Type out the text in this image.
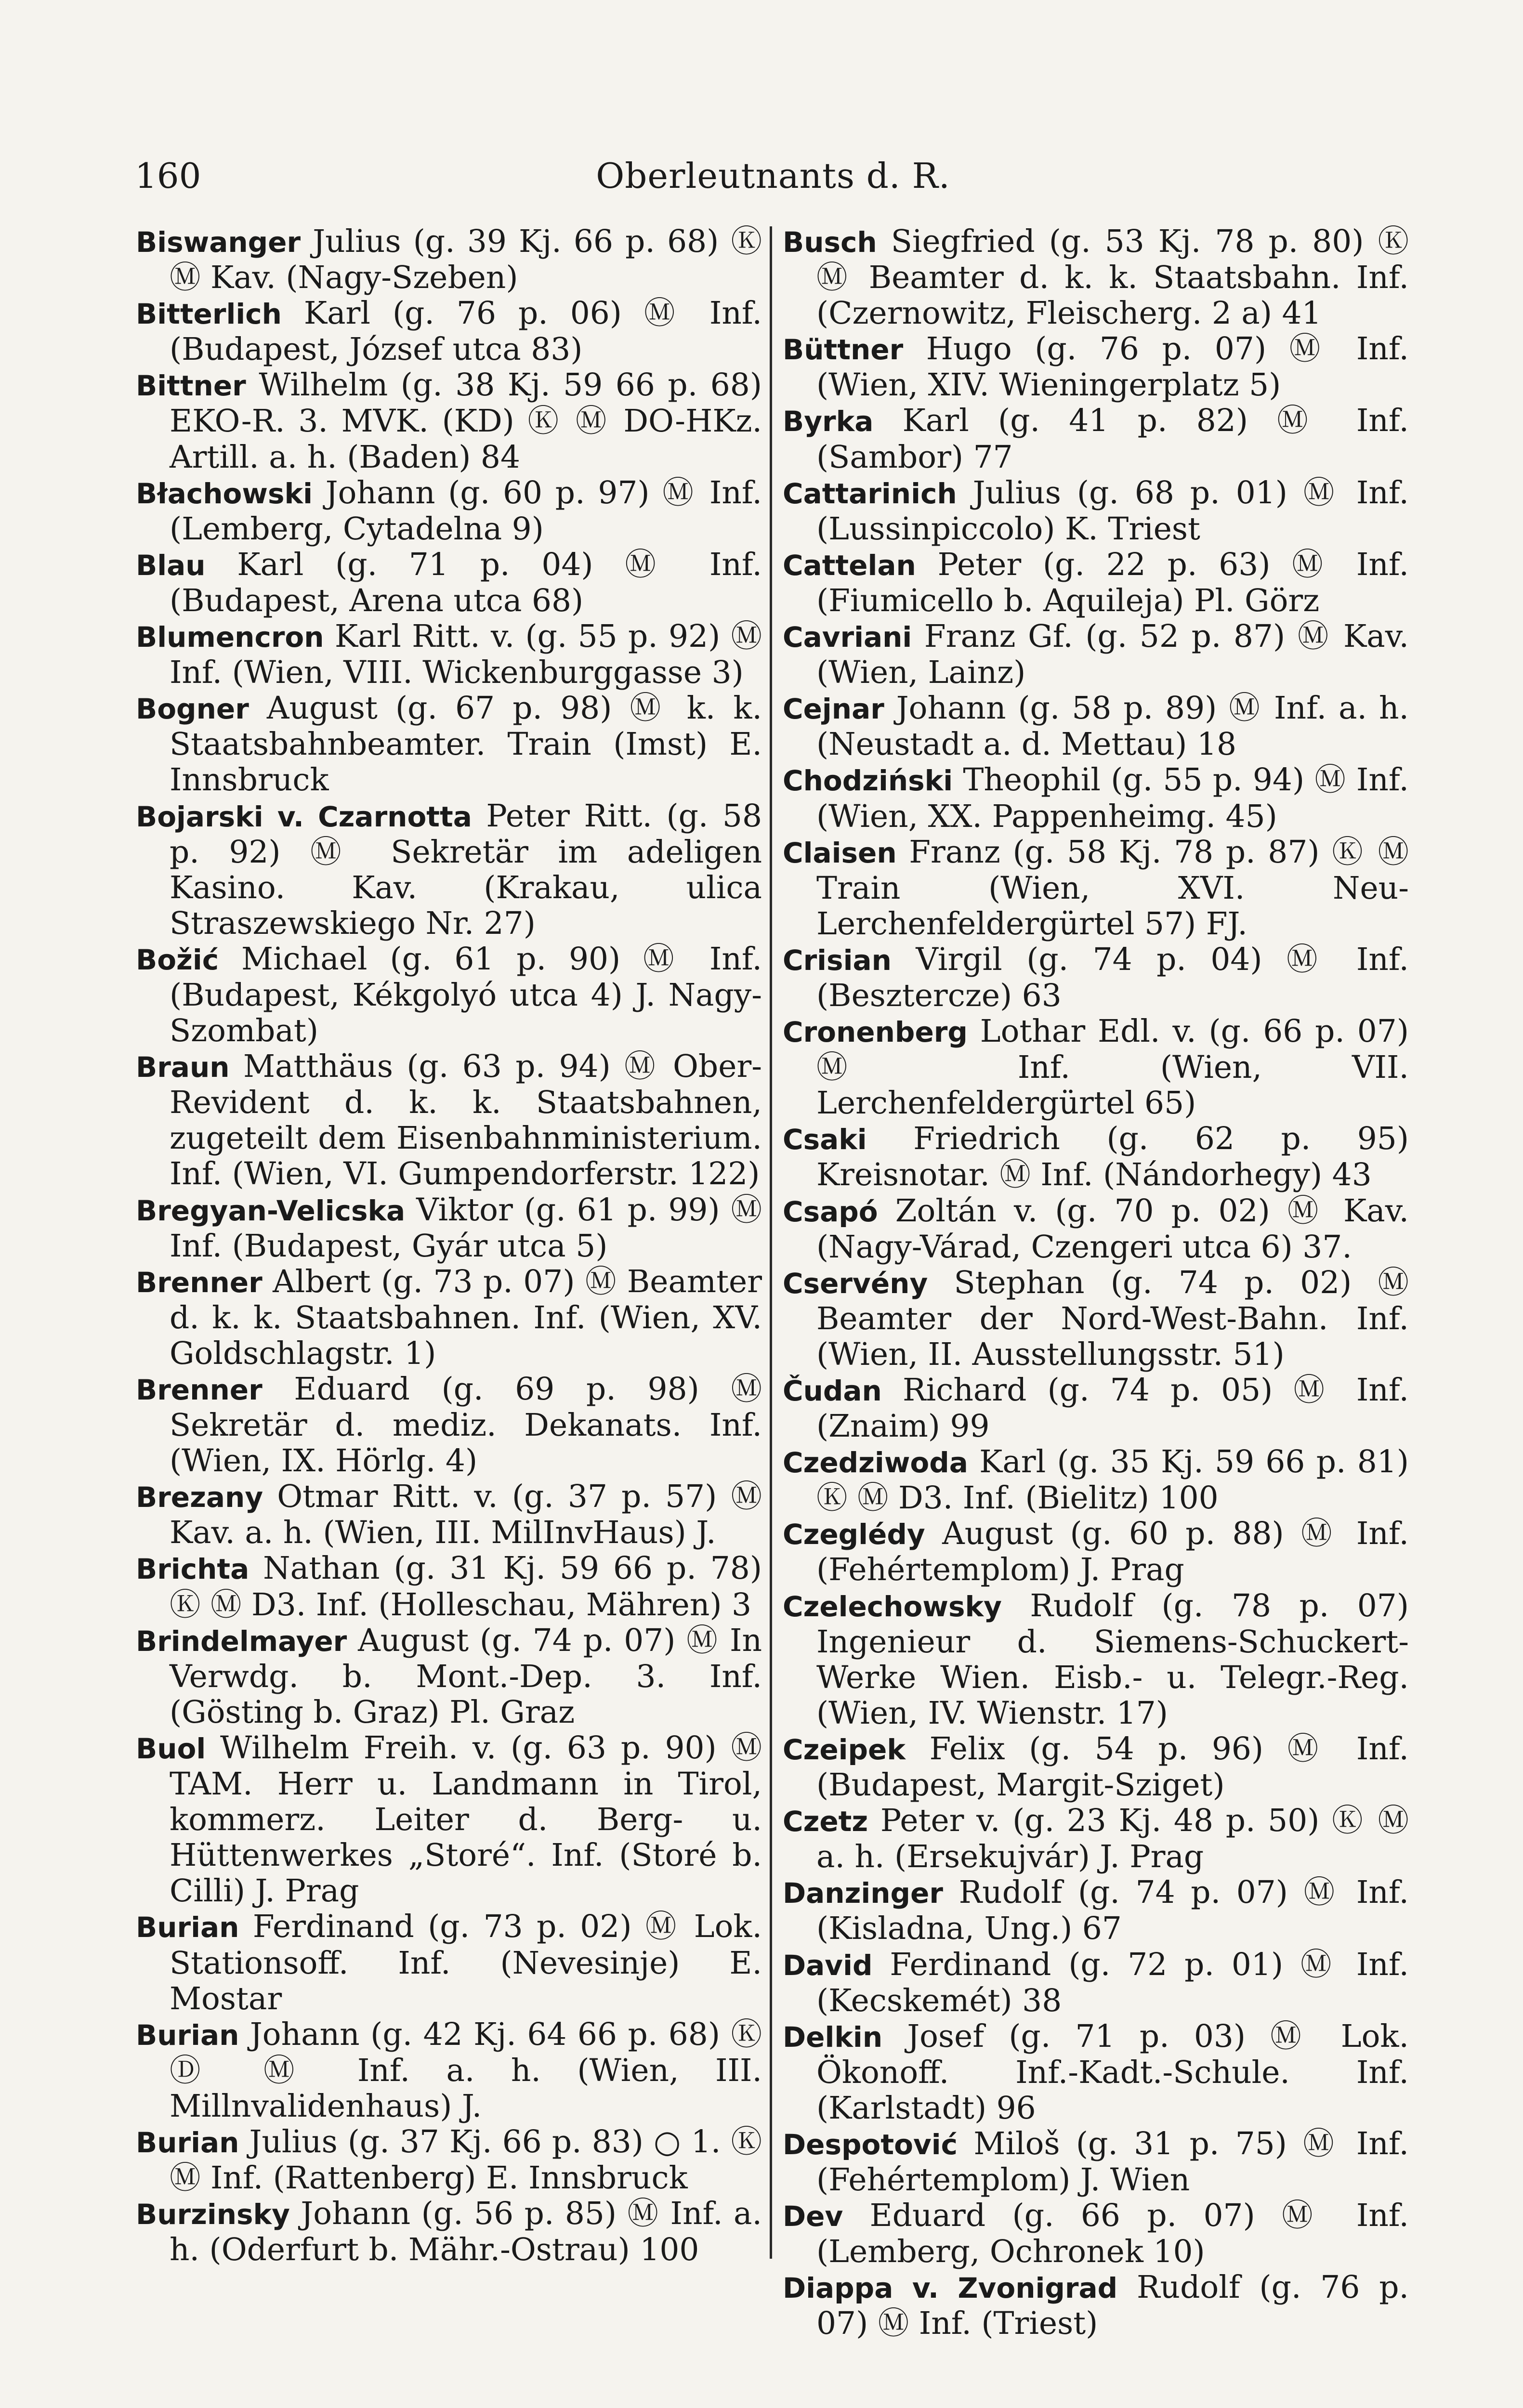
160	Oberleutnants d. R.

Biswanger Julius (g. 39 Kj. 66 p. 68) Ⓚ Ⓜ Kav. (Nagy-Szeben)

Bitterlich Karl (g. 76 p. 06) Ⓜ Inf. (Budapest, József utca 83)

Bittner Wilhelm (g. 38 Kj. 59 66 p. 68) EKO-R. 3. MVK. (KD) Ⓚ Ⓜ DO-HKz. Artill. a. h. (Baden) 84

Błachowski Johann (g. 60 p. 97) Ⓜ Inf. (Lemberg, Cytadelna 9)

Blau Karl (g. 71 p. 04) Ⓜ Inf. (Budapest, Arena utca 68)

Blumencron Karl Ritt. v. (g. 55 p. 92) Ⓜ Inf. (Wien, VIII. Wickenburggasse 3)

Bogner August (g. 67 p. 98) Ⓜ k. k. Staatsbahnbeamter. Train (Imst) E. Innsbruck

Bojarski v. Czarnotta Peter Ritt. (g. 58 p. 92) Ⓜ Sekretär im adeligen Kasino. Kav. (Krakau, ulica Straszewskiego Nr. 27)

Božić Michael (g. 61 p. 90) Ⓜ Inf. (Budapest, Kékgolyó utca 4) J. Nagy-Szombat)

Braun Matthäus (g. 63 p. 94) Ⓜ Ober-Revident d. k. k. Staatsbahnen, zugeteilt dem Eisenbahnministerium. Inf. (Wien, VI. Gumpendorferstr. 122)

Bregyan-Velicska Viktor (g. 61 p. 99) Ⓜ Inf. (Budapest, Gyár utca 5)

Brenner Albert (g. 73 p. 07) Ⓜ Beamter d. k. k. Staatsbahnen. Inf. (Wien, XV. Goldschlagstr. 1)

Brenner Eduard (g. 69 p. 98) Ⓜ Sekretär d. mediz. Dekanats. Inf. (Wien, IX. Hörlg. 4)

Brezany Otmar Ritt. v. (g. 37 p. 57) Ⓜ Kav. a. h. (Wien, III. MilInvHaus) J.

Brichta Nathan (g. 31 Kj. 59 66 p. 78) Ⓚ Ⓜ D3. Inf. (Holleschau, Mähren) 3

Brindelmayer August (g. 74 p. 07) Ⓜ In Verwdg. b. Mont.-Dep. 3. Inf. (Gösting b. Graz) Pl. Graz

Buol Wilhelm Freih. v. (g. 63 p. 90) Ⓜ TAM. Herr u. Landmann in Tirol, kommerz. Leiter d. Berg- u. Hüttenwerkes „Storé“. Inf. (Storé b. Cilli) J. Prag

Burian Ferdinand (g. 73 p. 02) Ⓜ Lok. Stationsoff. Inf. (Nevesinje) E. Mostar

Burian Johann (g. 42 Kj. 64 66 p. 68) Ⓚ Ⓓ Ⓜ Inf. a. h. (Wien, III. Millnvalidenhaus) J.

Burian Julius (g. 37 Kj. 66 p. 83) ○ 1. Ⓚ Ⓜ Inf. (Rattenberg) E. Innsbruck

Burzinsky Johann (g. 56 p. 85) Ⓜ Inf. a. h. (Oderfurt b. Mähr.-Ostrau) 100

Busch Siegfried (g. 53 Kj. 78 p. 80) Ⓚ Ⓜ Beamter d. k. k. Staatsbahn. Inf. (Czernowitz, Fleischerg. 2 a) 41

Büttner Hugo (g. 76 p. 07) Ⓜ Inf. (Wien, XIV. Wieningerplatz 5)

Byrka Karl (g. 41 p. 82) Ⓜ Inf. (Sambor) 77

Cattarinich Julius (g. 68 p. 01) Ⓜ Inf. (Lussinpiccolo) K. Triest

Cattelan Peter (g. 22 p. 63) Ⓜ Inf. (Fiumicello b. Aquileja) Pl. Görz

Cavriani Franz Gf. (g. 52 p. 87) Ⓜ Kav. (Wien, Lainz)

Cejnar Johann (g. 58 p. 89) Ⓜ Inf. a. h. (Neustadt a. d. Mettau) 18

Chodziński Theophil (g. 55 p. 94) Ⓜ Inf. (Wien, XX. Pappenheimg. 45)

Claisen Franz (g. 58 Kj. 78 p. 87) Ⓚ Ⓜ Train (Wien, XVI. Neu-Lerchenfeldergürtel 57) FJ.

Crisian Virgil (g. 74 p. 04) Ⓜ Inf. (Besztercze) 63

Cronenberg Lothar Edl. v. (g. 66 p. 07) Ⓜ Inf. (Wien, VII. Lerchenfeldergürtel 65)

Csaki Friedrich (g. 62 p. 95) Kreisnotar. Ⓜ Inf. (Nándorhegy) 43

Csapó Zoltán v. (g. 70 p. 02) Ⓜ Kav. (Nagy-Várad, Czengeri utca 6) 37.

Cservény Stephan (g. 74 p. 02) Ⓜ Beamter der Nord-West-Bahn. Inf. (Wien, II. Ausstellungsstr. 51)

Čudan Richard (g. 74 p. 05) Ⓜ Inf. (Znaim) 99

Czedziwoda Karl (g. 35 Kj. 59 66 p. 81) Ⓚ Ⓜ D3. Inf. (Bielitz) 100

Czeglédy August (g. 60 p. 88) Ⓜ Inf. (Fehértemplom) J. Prag

Czelechowsky Rudolf (g. 78 p. 07) Ingenieur d. Siemens-Schuckert-Werke Wien. Eisb.- u. Telegr.-Reg. (Wien, IV. Wienstr. 17)

Czeipek Felix (g. 54 p. 96) Ⓜ Inf. (Budapest, Margit-Sziget)

Czetz Peter v. (g. 23 Kj. 48 p. 50) Ⓚ Ⓜ a. h. (Ersekujvár) J. Prag

Danzinger Rudolf (g. 74 p. 07) Ⓜ Inf. (Kisladna, Ung.) 67

David Ferdinand (g. 72 p. 01) Ⓜ Inf. (Kecskemét) 38

Delkin Josef (g. 71 p. 03) Ⓜ Lok. Ökonoff. Inf.-Kadt.-Schule. Inf. (Karlstadt) 96

Despotović Miloš (g. 31 p. 75) Ⓜ Inf. (Fehértemplom) J. Wien

Dev Eduard (g. 66 p. 07) Ⓜ Inf. (Lemberg, Ochronek 10)

Diappa v. Zvonigrad Rudolf (g. 76 p. 07) Ⓜ Inf. (Triest)
